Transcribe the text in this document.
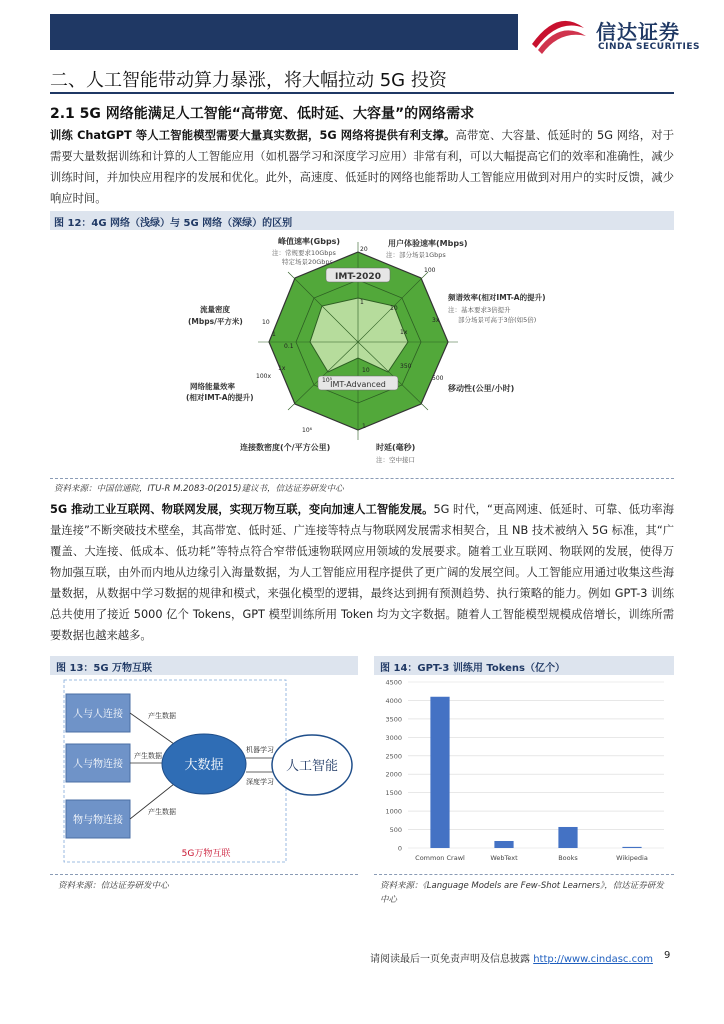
信达证券
CINDA SECURITIES
二、人工智能带动算力暴涨，将大幅拉动 5G 投资
2.1 5G 网络能满足人工智能“高带宽、低时延、大容量”的网络需求
训练 ChatGPT 等人工智能模型需要大量真实数据，5G 网络将提供有利支撑。高带宽、大容量、低延时的 5G 网络，对于需要大量数据训练和计算的人工智能应用（如机器学习和深度学习应用）非常有利，可以大幅提高它们的效率和准确性，减少训练时间，并加快应用程序的发展和优化。此外，高速度、低延时的网络也能帮助人工智能应用做到对用户的实时反馈，减少响应时间。
图 12：4G 网络（浅绿）与 5G 网络（深绿）的区别
IMT-2020
IMT-Advanced
峰值速率(Gbps)
注：常规要求10Gbps
特定场景20Gbps
20
1
用户体验速率(Mbps)
注：部分场景1Gbps
100
10
频谱效率(相对IMT-A的提升)
注：基本要求3倍提升
部分场景可高于3倍(如5倍)
3x
1x
移动性(公里/小时)
500
350
时延(毫秒)
注：空中接口
1
10
连接数密度(个/平方公里)
10⁶
10⁵
网络能量效率
(相对IMT-A的提升)
100x
1x
流量密度
(Mbps/平方米)	10
1
0.1
资料来源：中国信通院，ITU-R M.2083-0(2015)建议书，信达证券研发中心
5G 推动工业互联网、物联网发展，实现万物互联，变向加速人工智能发展。5G 时代，“更高网速、低延时、可靠、低功率海量连接”不断突破技术壁垒，其高带宽、低时延、广连接等特点与物联网发展需求相契合，且 NB 技术被纳入 5G 标准，其“广覆盖、大连接、低成本、低功耗”等特点符合窄带低速物联网应用领域的发展要求。随着工业互联网、物联网的发展，使得万物加强互联，由外而内地从边缘引入海量数据，为人工智能应用程序提供了更广阔的发展空间。人工智能应用通过收集这些海量数据，从数据中学习数据的规律和模式，来强化模型的逻辑，最终达到拥有预测趋势、执行策略的能力。例如 GPT-3 训练总共使用了接近 5000 亿个 Tokens，GPT 模型训练所用 Token 均为文字数据。随着人工智能模型规模成倍增长，训练所需要数据也越来越多。
图 13：5G 万物互联
人与人连接
人与物连接
物与物连接
产生数据
产生数据
产生数据
大数据
机器学习
深度学习
人工智能
5G万物互联
资料来源：信达证券研发中心
图 14：GPT-3 训练用 Tokens（亿个）
0
500
1000
1500
2000
2500
3000
3500
4000
4500
Common Crawl	WebText	Books	Wikipedia
资料来源：《Language Models are Few-Shot Learners》，信达证券研发中心
请阅读最后一页免责声明及信息披露 http://www.cindasc.com 9
